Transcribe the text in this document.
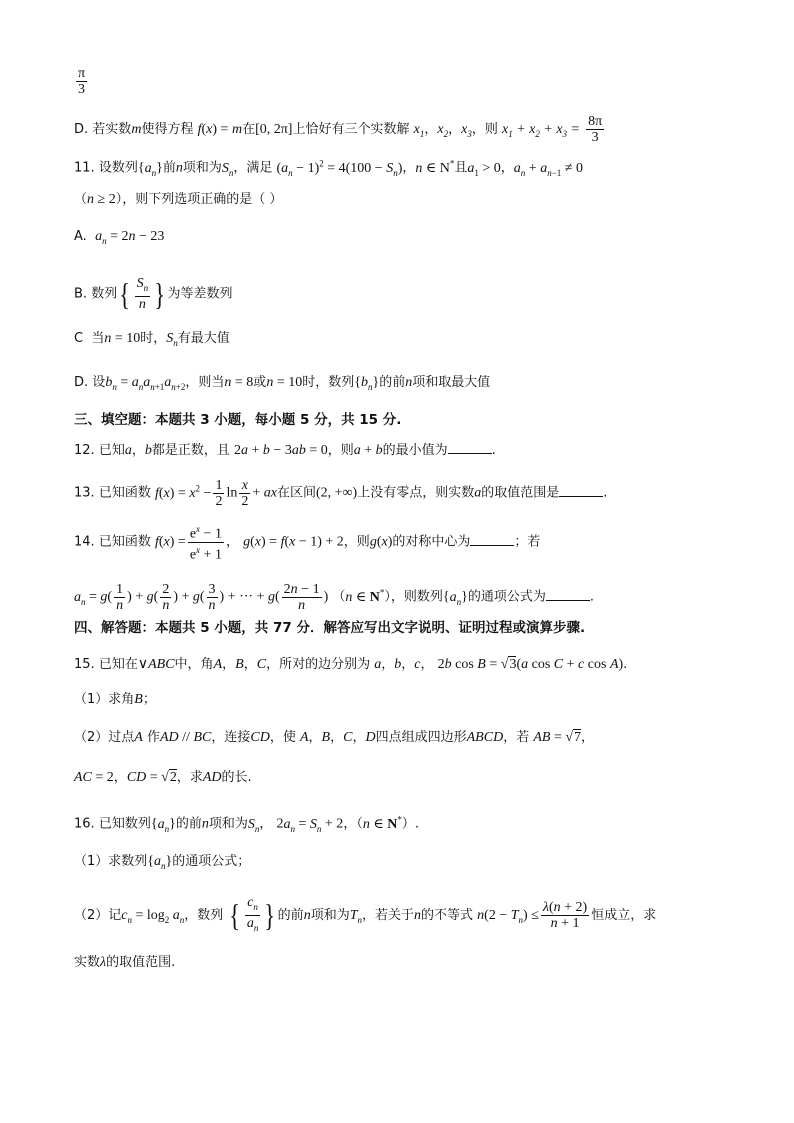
$\frac{\pi}{3}$
D. 若实数m使得方程 f(x) = m在[0, 2π]上恰好有三个实数解 $x_1$，$x_2$，$x_3$，则 $x_1 + x_2 + x_3 = \frac{8\pi}{3}$
11. 设数列$\{a_n\}$前n项和为$S_n$，满足 $(a_n - 1)^2 = 4(100 - S_n)$，n ∈ N*且$a_1 > 0$，$a_n + a_{n-1} \ne 0$
（n ≥ 2），则下列选项正确的是（ ）
A. $a_n = 2n - 23$
B. 数列{ $\frac{S_n}{n}$ } 为等差数列
C 当n = 10时，$S_n$有最大值
D. 设$b_n = a_na_{n+1}a_{n+2}$，则当n = 8或n = 10时，数列$\{b_n\}$的前n项和取最大值
三、填空题：本题共 3 小题，每小题 5 分，共 15 分.
12. 已知a，b都是正数，且 2a + b − 3ab = 0，则a + b的最小值为	.
13. 已知函数 $f(x) = x^2 - \frac{1}{2}$ $\ln \frac{x}{2}$ + ax在区间(2, +∞)上没有零点，则实数a的取值范围是	.
14. 已知函数 $f(x) = \frac{e^x - 1}{e^x + 1}$ ， g(x) = f(x − 1) + 2，则g(x)的对称中心为	；若
$a_n = g( \frac{1}{n}$ ) + $g( \frac{2}{n}$ ) + $g( \frac{3}{n}$ ) + ··· + $g( \frac{2n - 1}{n}$ ) （n ∈ N*），则数列$\{a_n\}$的通项公式为	.
四、解答题：本题共 5 小题，共 77 分．解答应写出文字说明、证明过程或演算步骤.
15. 已知在∨ABC中，角A，B，C，所对的边分别为 a，b，c， 2b cos B = √3(a cos C + c cos A).
（1）求角B；
（2）过点A 作AD // BC，连接CD，使 A，B，C，D四点组成四边形ABCD，若 AB = √7，
AC = 2，CD = √2，求AD的长.
16. 已知数列$\{a_n\}$的前n项和为$S_n$， $2a_n = S_n + 2$，（n ∈ N*）.
（1）求数列$\{a_n\}$的通项公式；
（2）记$c_n = \log_2 a_n$，数列 { $\frac{c_n}{a_n}$ } 的前n项和为$T_n$，若关于n的不等式 $n(2 - T_n) \le \frac{\lambda(n + 2)}{n + 1}$ 恒成立，求
实数λ的取值范围.
